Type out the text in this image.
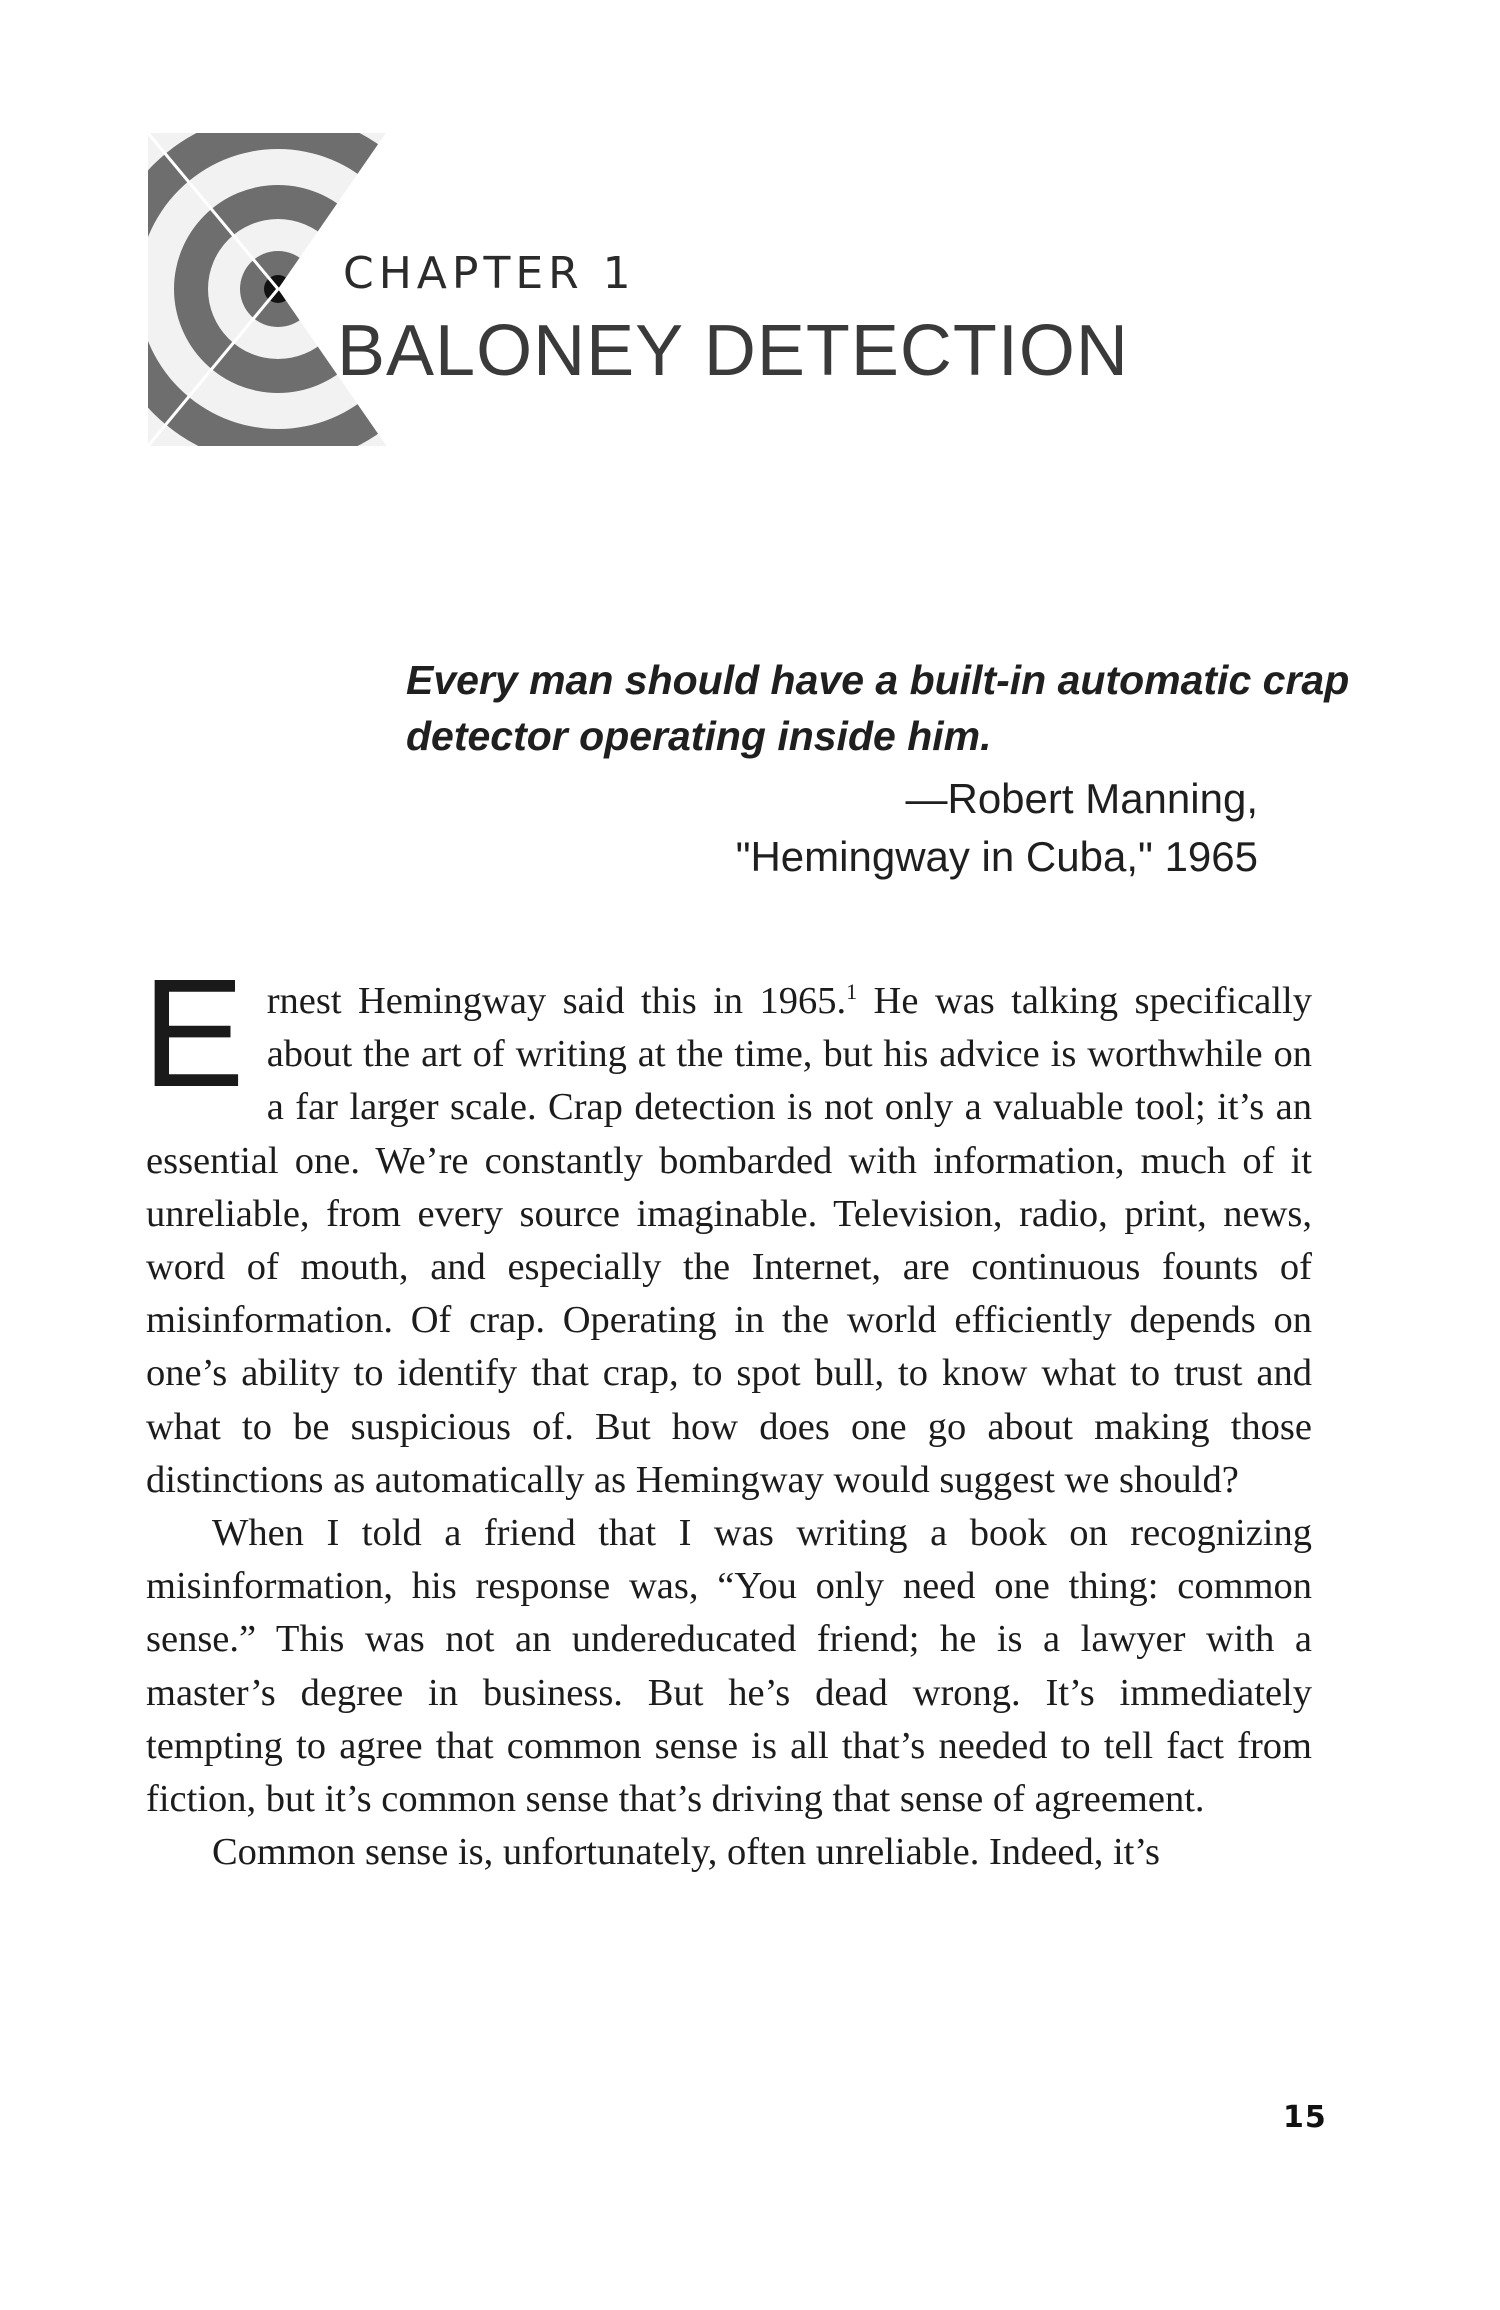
CHAPTER 1
BALONEY DETECTION

Every man should have a built-in automatic crap detector operating inside him.

—Robert Manning,
"Hemingway in Cuba," 1965

Ernest Hemingway said this in 1965.$^1$ He was talking specifically about the art of writing at the time, but his advice is worthwhile on a far larger scale. Crap detection is not only a valuable tool; it’s an essential one. We’re constantly bombarded with information, much of it unreliable, from every source imaginable. Television, radio, print, news, word of mouth, and especially the Internet, are continuous founts of misinformation. Of crap. Operating in the world efficiently depends on one’s ability to identify that crap, to spot bull, to know what to trust and what to be suspicious of. But how does one go about making those distinctions as automatically as Hemingway would suggest we should?

When I told a friend that I was writing a book on recognizing misinformation, his response was, “You only need one thing: common sense.” This was not an undereducated friend; he is a lawyer with a master’s degree in business. But he’s dead wrong. It’s immediately tempting to agree that common sense is all that’s needed to tell fact from fiction, but it’s common sense that’s driving that sense of agreement.

Common sense is, unfortunately, often unreliable. Indeed, it’s

15
